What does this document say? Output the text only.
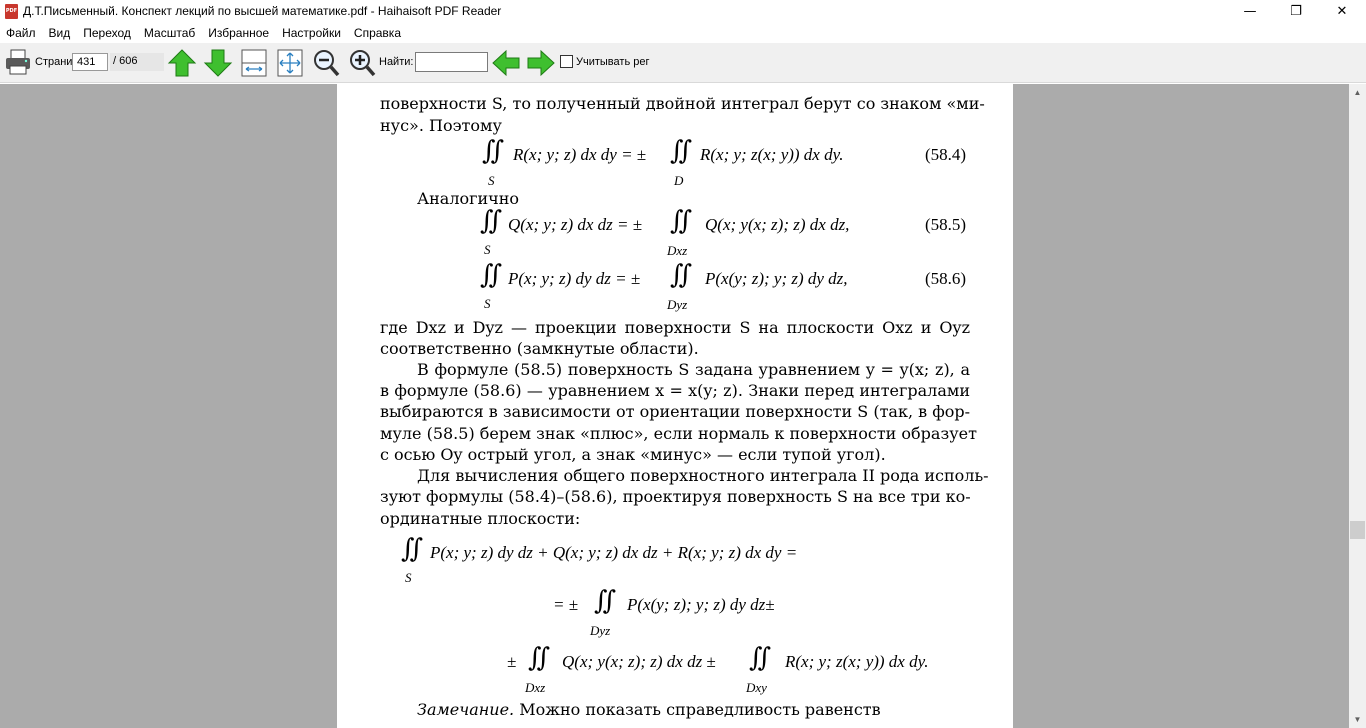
PDF
Д.Т.Письменный. Конспект лекций по высшей математике.pdf - Haihaisoft PDF Reader	—	❐	✕
Файл Вид Переход Масштаб Избранное Настройки Справка
Страни
431	/ 606	Найти:	Учитывать рег
поверхности S, то полученный двойной интеграл берут со знаком «ми-
нус». Поэтому
∬
S
R(x; y; z) dx dy = ± ∬
D
R(x; y; z(x; y)) dx dy.	(58.4)
Аналогично
∬
S
Q(x; y; z) dx dz = ± ∬
Dxz
Q(x; y(x; z); z) dx dz,	(58.5)
∬
S
P(x; y; z) dy dz = ± ∬
Dyz
P(x(y; z); y; z) dy dz,	(58.6)
где Dxz и Dyz — проекции поверхности S на плоскости Oxz и Oyz
соответственно (замкнутые области).
В формуле (58.5) поверхность S задана уравнением y = y(x; z), а
в формуле (58.6) — уравнением x = x(y; z). Знаки перед интегралами
выбираются в зависимости от ориентации поверхности S (так, в фор-
муле (58.5) берем знак «плюс», если нормаль к поверхности образует
с осью Oy острый угол, а знак «минус» — если тупой угол).
Для вычисления общего поверхностного интеграла II рода исполь-
зуют формулы (58.4)–(58.6), проектируя поверхность S на все три ко-
ординатные плоскости:
∬
S
P(x; y; z) dy dz + Q(x; y; z) dx dz + R(x; y; z) dx dy =
= ± ∬
Dyz
P(x(y; z); y; z) dy dz±
± ∬
Dxz
Q(x; y(x; z); z) dx dz ± ∬
Dxy
R(x; y; z(x; y)) dx dy.
Замечание. Можно показать справедливость равенств
▲
▼
